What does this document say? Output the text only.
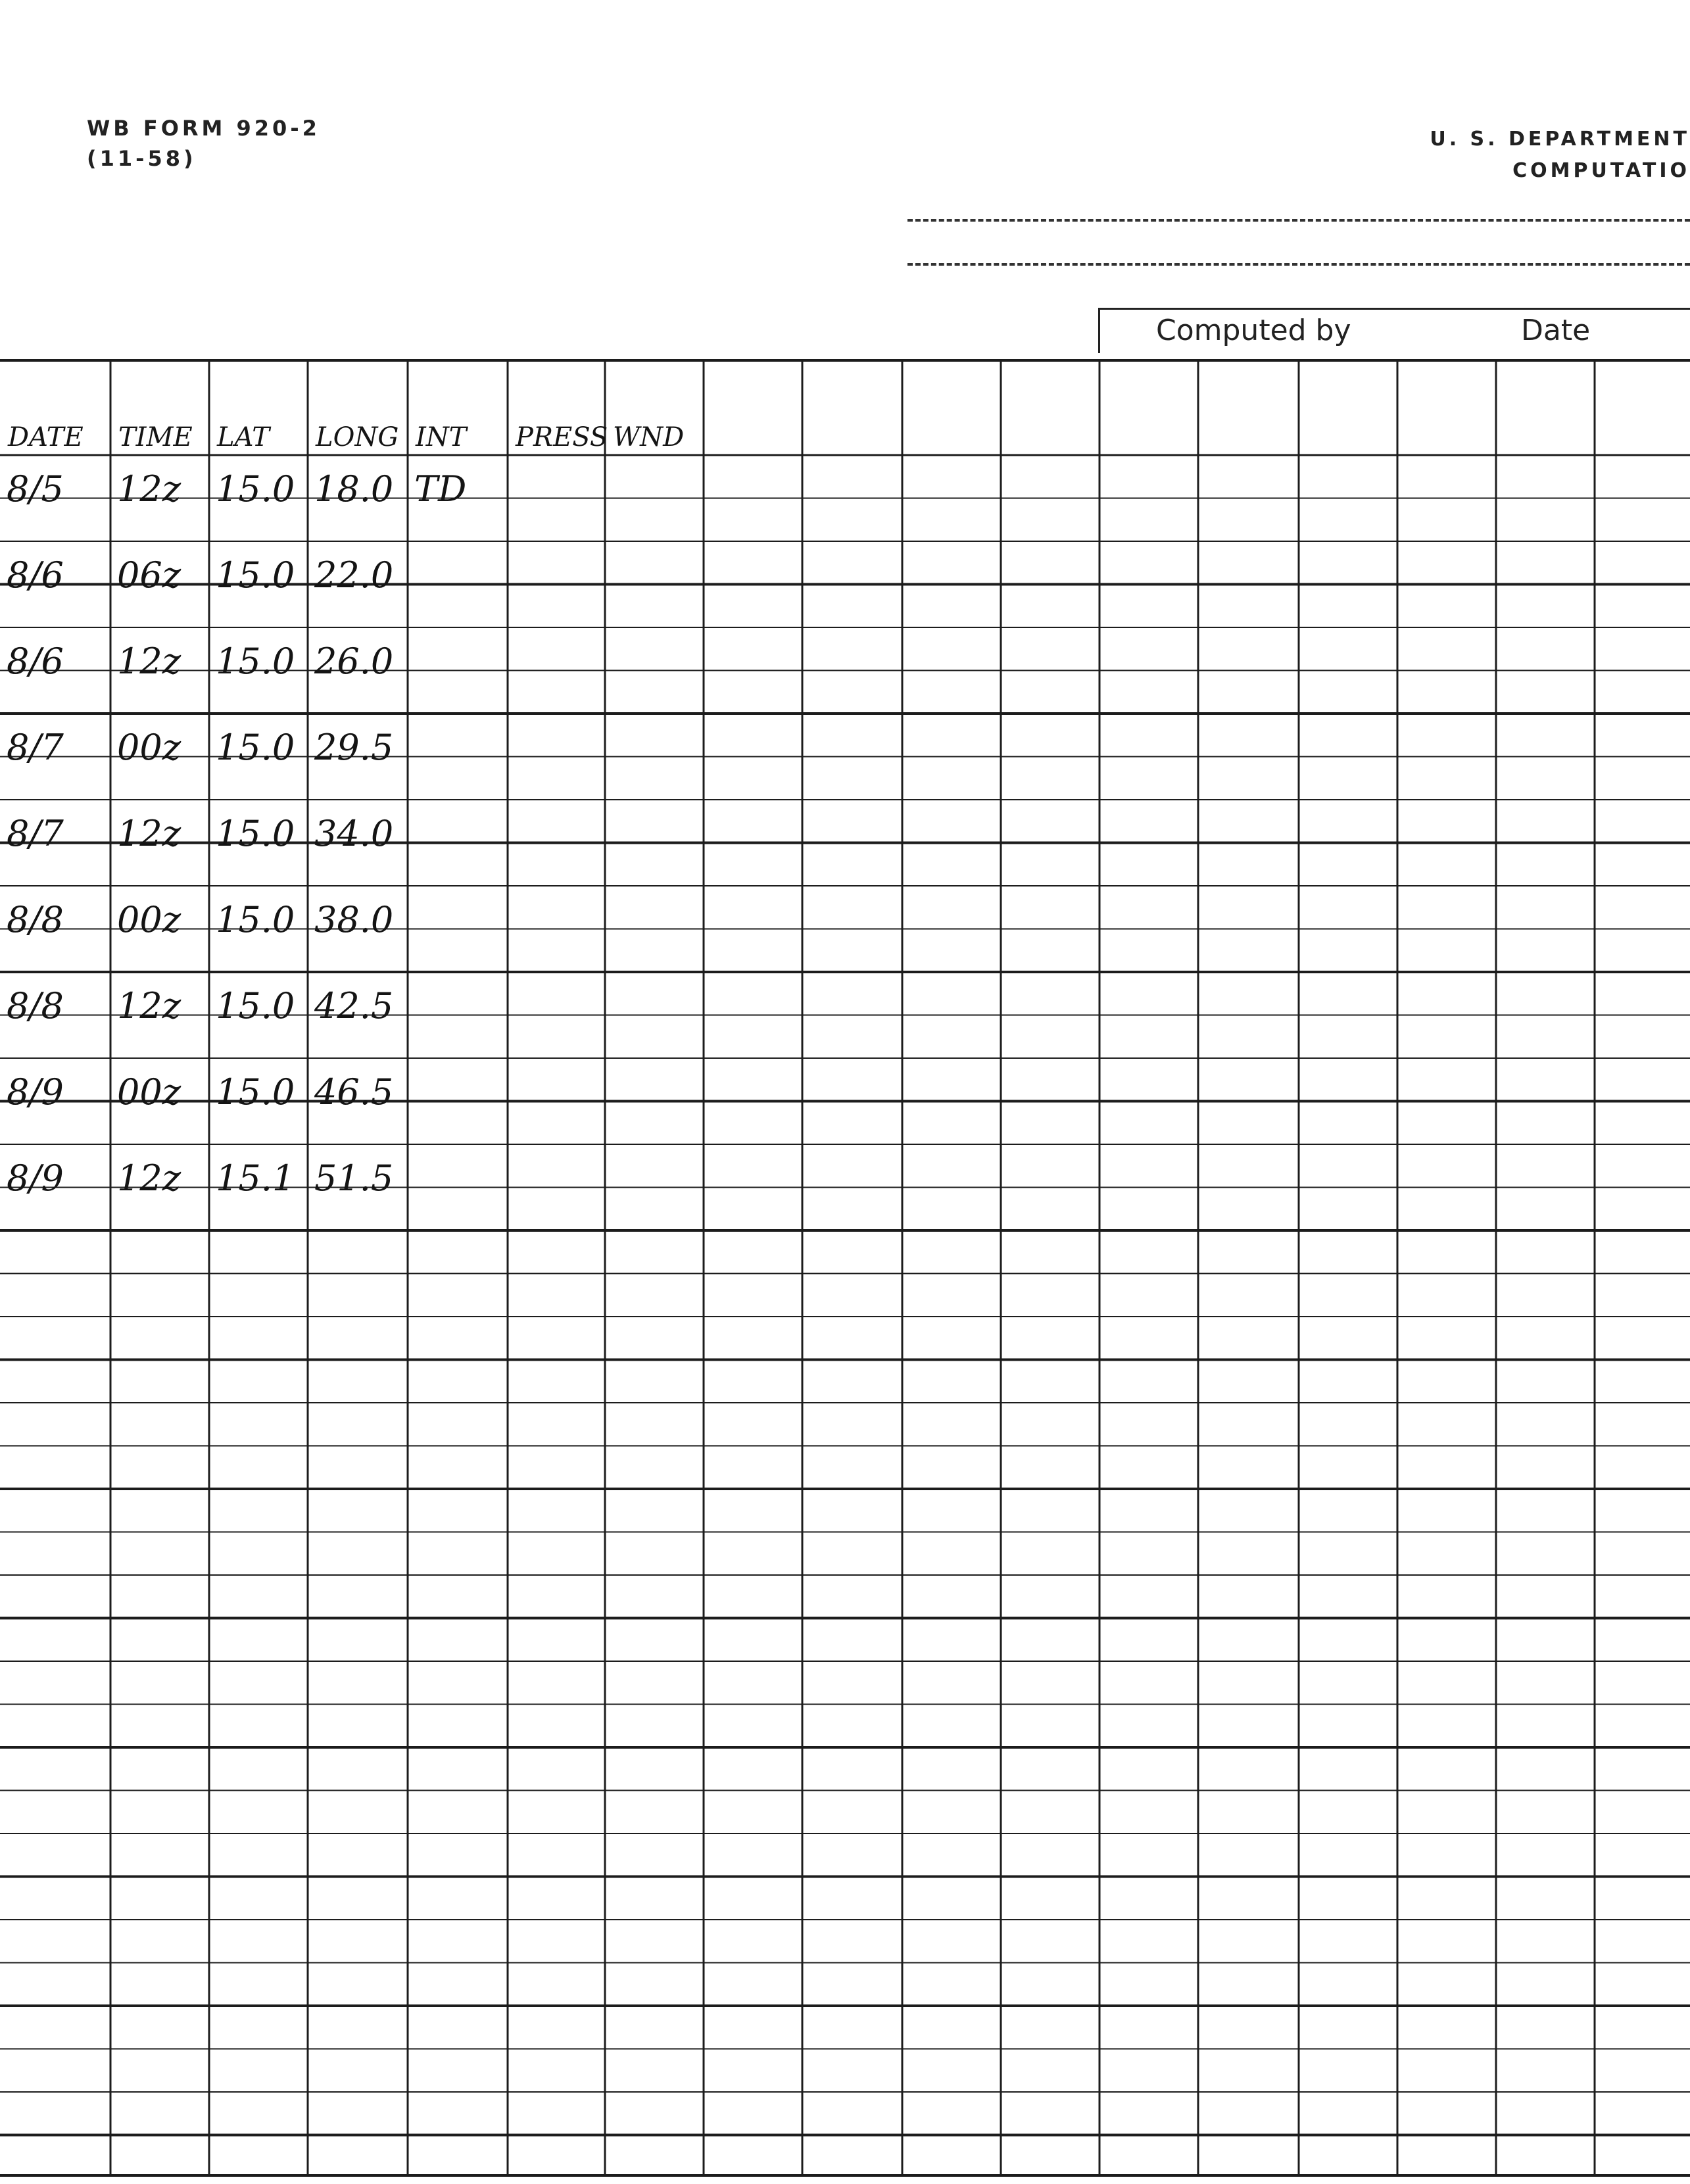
WB FORM 920-2
(11-58)
U. S. DEPARTMENT
COMPUTATIO
Computed by	Date
DATE TIME LAT LONG INT PRESS WND
8/5 12z 15.0 18.0 TD
8/6 06z 15.0 22.0
8/6 12z 15.0 26.0
8/7 00z 15.0 29.5
8/7 12z 15.0 34.0
8/8 00z 15.0 38.0
8/8 12z 15.0 42.5
8/9 00z 15.0 46.5
8/9 12z 15.1 51.5
